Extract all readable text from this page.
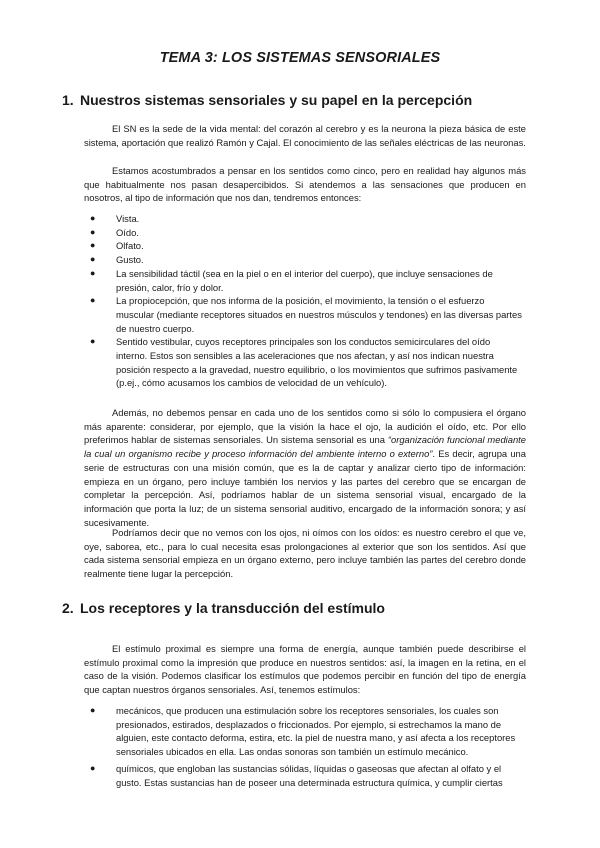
TEMA 3: LOS SISTEMAS SENSORIALES
1. Nuestros sistemas sensoriales y su papel en la percepción

El SN es la sede de la vida mental: del corazón al cerebro y es la neurona la pieza básica de este sistema, aportación que realizó Ramón y Cajal. El conocimiento de las señales eléctricas de las neuronas.

Estamos acostumbrados a pensar en los sentidos como cinco, pero en realidad hay algunos más que habitualmente nos pasan desapercibidos. Si atendemos a las sensaciones que producen en nosotros, al tipo de información que nos dan, tendremos entonces:

● Vista.
● Oído.
● Olfato.
● Gusto.
● La sensibilidad táctil (sea en la piel o en el interior del cuerpo), que incluye sensaciones de presión, calor, frío y dolor.
● La propiocepción, que nos informa de la posición, el movimiento, la tensión o el esfuerzo muscular (mediante receptores situados en nuestros músculos y tendones) en las diversas partes de nuestro cuerpo.
● Sentido vestibular, cuyos receptores principales son los conductos semicirculares del oído interno. Estos son sensibles a las aceleraciones que nos afectan, y así nos indican nuestra posición respecto a la gravedad, nuestro equilibrio, o los movimientos que sufrimos pasivamente (p.ej., cómo acusamos los cambios de velocidad de un vehículo).

Además, no debemos pensar en cada uno de los sentidos como si sólo lo compusiera el órgano más aparente: considerar, por ejemplo, que la visión la hace el ojo, la audición el oído, etc. Por ello preferimos hablar de sistemas sensoriales. Un sistema sensorial es una “organización funcional mediante la cual un organismo recibe y proceso información del ambiente interno o externo”. Es decir, agrupa una serie de estructuras con una misión común, que es la de captar y analizar cierto tipo de información: empieza en un órgano, pero incluye también los nervios y las partes del cerebro que se encargan de completar la percepción. Así, podríamos hablar de un sistema sensorial visual, encargado de la información que porta la luz; de un sistema sensorial auditivo, encargado de la información sonora; y así sucesivamente.

Podríamos decir que no vemos con los ojos, ni oímos con los oídos: es nuestro cerebro el que ve, oye, saborea, etc., para lo cual necesita esas prolongaciones al exterior que son los sentidos. Así que cada sistema sensorial empieza en un órgano externo, pero incluye también las partes del cerebro donde realmente tiene lugar la percepción.

2. Los receptores y la transducción del estímulo

El estímulo proximal es siempre una forma de energía, aunque también puede describirse el estímulo proximal como la impresión que produce en nuestros sentidos: así, la imagen en la retina, en el caso de la visión. Podemos clasificar los estímulos que podemos percibir en función del tipo de energía que captan nuestros órganos sensoriales. Así, tenemos estímulos:

● mecánicos, que producen una estimulación sobre los receptores sensoriales, los cuales son presionados, estirados, desplazados o friccionados. Por ejemplo, si estrechamos la mano de alguien, este contacto deforma, estira, etc. la piel de nuestra mano, y así afecta a los receptores sensoriales ubicados en ella. Las ondas sonoras son también un estímulo mecánico.
● químicos, que engloban las sustancias sólidas, líquidas o gaseosas que afectan al olfato y el gusto. Estas sustancias han de poseer una determinada estructura química, y cumplir ciertas
